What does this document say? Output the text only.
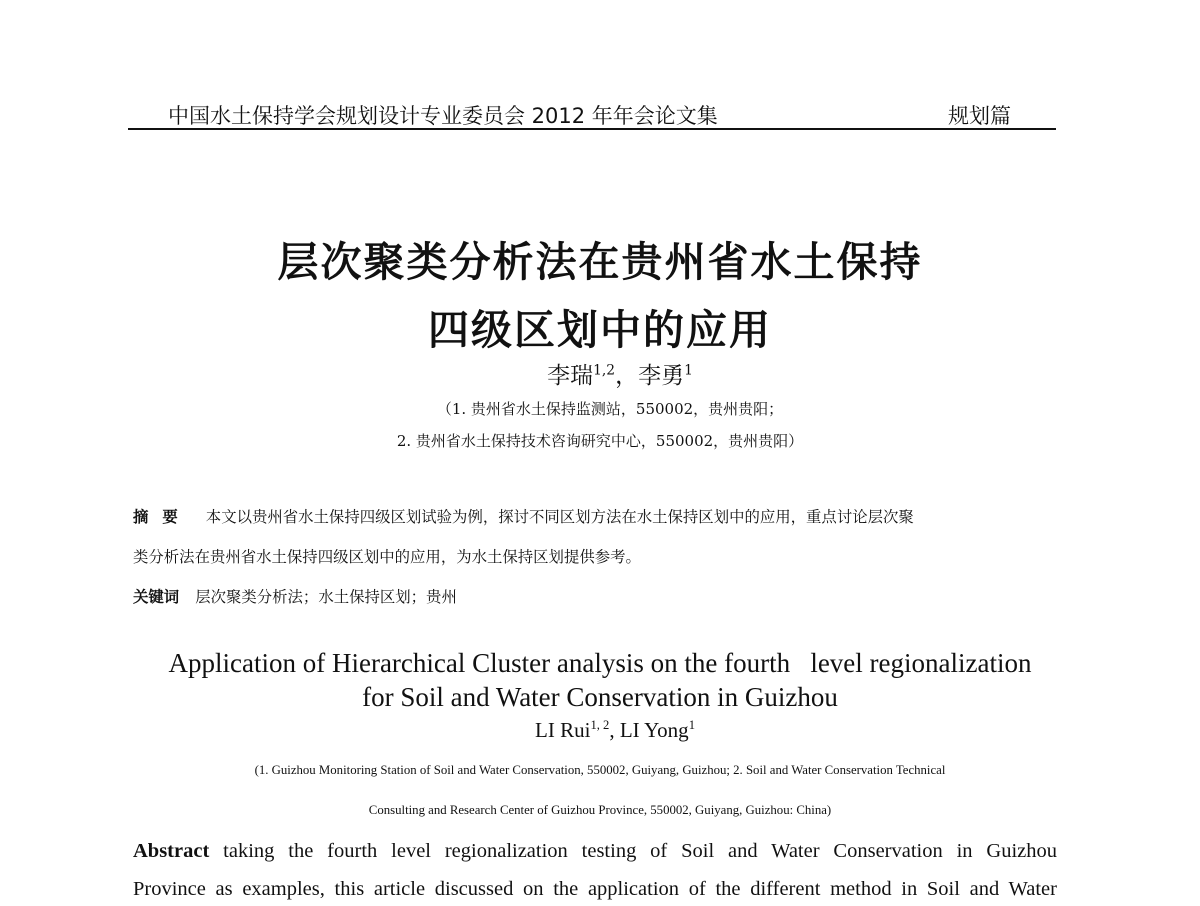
中国水土保持学会规划设计专业委员会 2012 年年会论文集	规划篇
层次聚类分析法在贵州省水土保持
四级区划中的应用
李瑞$^{1,2}$，李勇$^1$
（1. 贵州省水土保持监测站，550002，贵州贵阳；
2. 贵州省水土保持技术咨询研究中心，550002，贵州贵阳）
摘要 本文以贵州省水土保持四级区划试验为例，探讨不同区划方法在水土保持区划中的应用，重点讨论层次聚
类分析法在贵州省水土保持四级区划中的应用，为水土保持区划提供参考。
关键词 层次聚类分析法；水土保持区划；贵州
Application of Hierarchical Cluster analysis on the fourth   level regionalization
for Soil and Water Conservation in Guizhou
LI Rui$^{1, 2}$, LI Yong$^1$
(1. Guizhou Monitoring Station of Soil and Water Conservation, 550002, Guiyang, Guizhou; 2. Soil and Water Conservation Technical
Consulting and Research Center of Guizhou Province, 550002, Guiyang, Guizhou: China)
Abstract taking the fourth level regionalization testing of Soil and Water Conservation in Guizhou
Province as examples, this article discussed on the application of the different method in Soil and Water
